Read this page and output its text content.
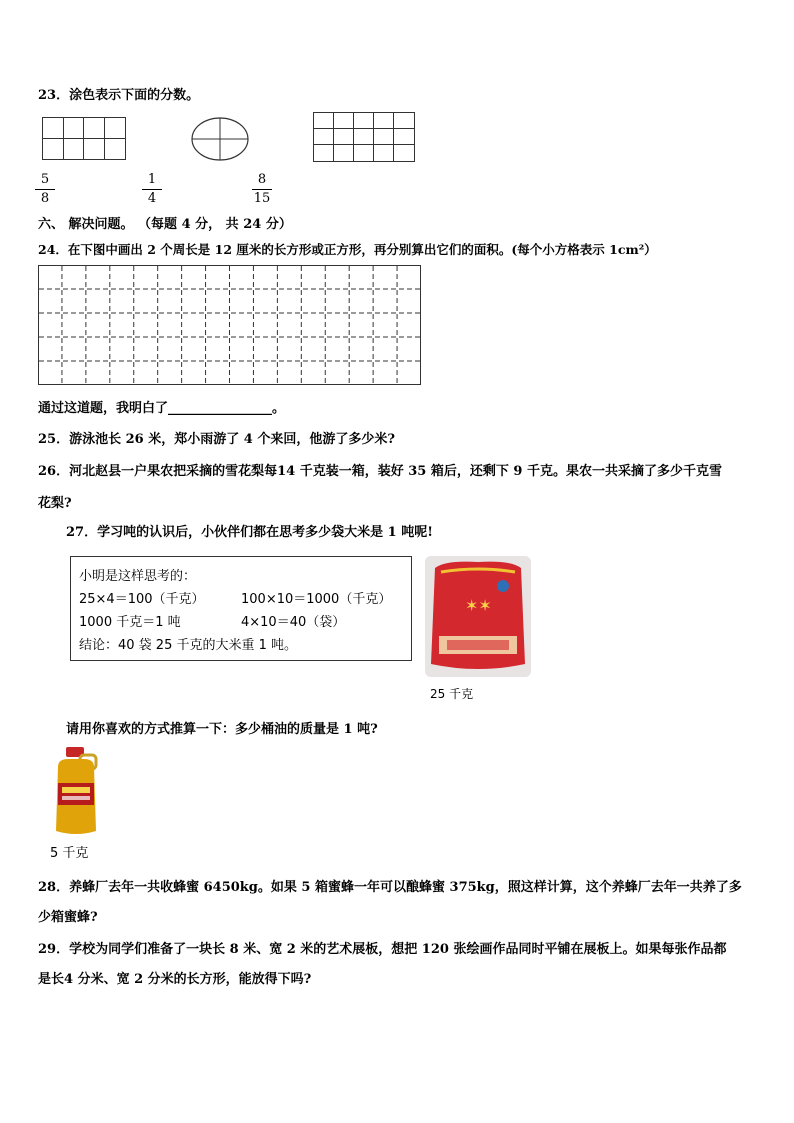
23．涂色表示下面的分数。
5
8
1
4
8
15
六、 解决问题。 （每题 4 分， 共 24 分）
24．在下图中画出 2 个周长是 12 厘米的长方形或正方形，再分别算出它们的面积。(每个小方格表示 1cm²）
通过这道题，我明白了________________。
25．游泳池长 26 米，郑小雨游了 4 个来回，他游了多少米?
26．河北赵县一户果农把采摘的雪花梨每14 千克装一箱，装好 35 箱后，还剩下 9 千克。果农一共采摘了多少千克雪
花梨?
27．学习吨的认识后，小伙伴们都在思考多少袋大米是 1 吨呢!
小明是这样思考的：
25×4＝100（千克）	100×10＝1000（千克）
1000 千克＝1 吨	4×10＝40（袋）
结论：40 袋 25 千克的大米重 1 吨。
✶✶
25 千克
请用你喜欢的方式推算一下：多少桶油的质量是 1 吨?
5 千克
28．养蜂厂去年一共收蜂蜜 6450kg。如果 5 箱蜜蜂一年可以酿蜂蜜 375kg，照这样计算，这个养蜂厂去年一共养了多
少箱蜜蜂?
29．学校为同学们准备了一块长 8 米、宽 2 米的艺术展板，想把 120 张绘画作品同时平铺在展板上。如果每张作品都
是长4 分米、宽 2 分米的长方形，能放得下吗?
